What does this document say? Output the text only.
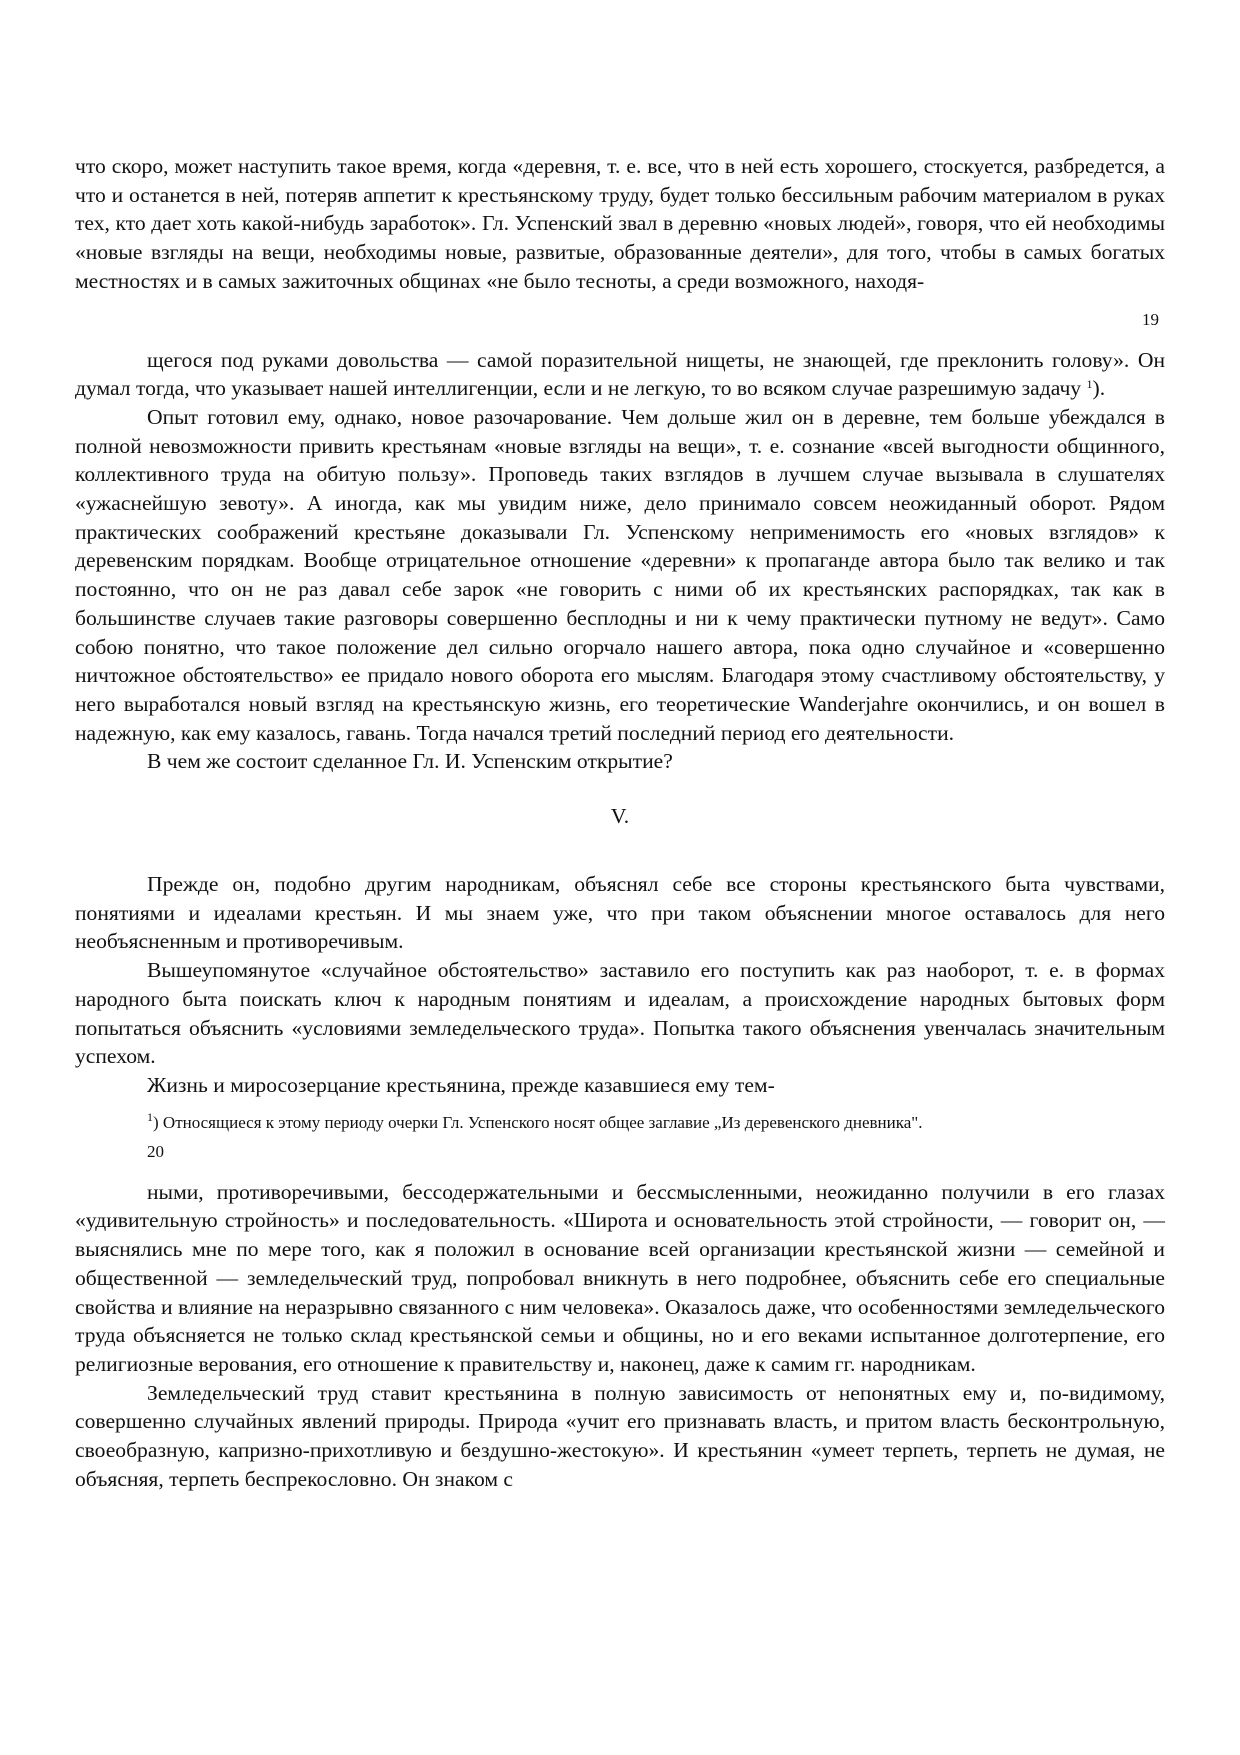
что скоро, может наступить такое время, когда «деревня, т. е. все, что в ней есть хорошего, стоскуется, разбредется, а что и останется в ней, потеряв аппетит к крестьянскому труду, будет только бессильным рабочим материалом в руках тех, кто дает хоть какой-нибудь заработок». Гл. Успенский звал в деревню «новых людей», говоря, что ей необходимы «новые взгляды на вещи, необходимы новые, развитые, образованные деятели», для того, чтобы в самых богатых местностях и в самых зажиточных общинах «не было тесноты, а среди возможного, находя-

19

щегося под руками довольства — самой поразительной нищеты, не знающей, где преклонить голову». Он думал тогда, что указывает нашей интеллигенции, если и не легкую, то во всяком случае разрешимую задачу $^1$).

Опыт готовил ему, однако, новое разочарование. Чем дольше жил он в деревне, тем больше убеждался в полной невозможности привить крестьянам «новые взгляды на вещи», т. е. сознание «всей выгодности общинного, коллективного труда на обитую пользу». Проповедь таких взглядов в лучшем случае вызывала в слушателях «ужаснейшую зевоту». А иногда, как мы увидим ниже, дело принимало совсем неожиданный оборот. Рядом практических соображений крестьяне доказывали Гл. Успенскому неприменимость его «новых взглядов» к деревенским порядкам. Вообще отрицательное отношение «деревни» к пропаганде автора было так велико и так постоянно, что он не раз давал себе зарок «не говорить с ними об их крестьянских распорядках, так как в большинстве случаев такие разговоры совершенно бесплодны и ни к чему практически путному не ведут». Само собою понятно, что такое положение дел сильно огорчало нашего автора, пока одно случайное и «совершенно ничтожное обстоятельство» ее придало нового оборота его мыслям. Благодаря этому счастливому обстоятельству, у него выработался новый взгляд на крестьянскую жизнь, его теоретические Wanderjahre окончились, и он вошел в надежную, как ему казалось, гавань. Тогда начался третий последний период его деятельности.

В чем же состоит сделанное Гл. И. Успенским открытие?

V.

Прежде он, подобно другим народникам, объяснял себе все стороны крестьянского быта чувствами, понятиями и идеалами крестьян. И мы знаем уже, что при таком объяснении многое оставалось для него необъясненным и противоречивым.

Вышеупомянутое «случайное обстоятельство» заставило его поступить как раз наоборот, т. е. в формах народного быта поискать ключ к народным понятиям и идеалам, а происхождение народных бытовых форм попытаться объяснить «условиями земледельческого труда». Попытка такого объяснения увенчалась значительным успехом.

Жизнь и миросозерцание крестьянина, прежде казавшиеся ему тем-

$^1$) Относящиеся к этому периоду очерки Гл. Успенского носят общее заглавие „Из деревенского дневника".
20

ными, противоречивыми, бессодержательными и бессмысленными, неожиданно получили в его глазах «удивительную стройность» и последовательность. «Широта и основательность этой стройности, — говорит он, — выяснялись мне по мере того, как я положил в основание всей организации крестьянской жизни — семейной и общественной — земледельческий труд, попробовал вникнуть в него подробнее, объяснить себе его специальные свойства и влияние на неразрывно связанного с ним человека». Оказалось даже, что особенностями земледельческого труда объясняется не только склад крестьянской семьи и общины, но и его веками испытанное долготерпение, его религиозные верования, его отношение к правительству и, наконец, даже к самим гг. народникам.

Земледельческий труд ставит крестьянина в полную зависимость от непонятных ему и, по-видимому, совершенно случайных явлений природы. Природа «учит его признавать власть, и притом власть бесконтрольную, своеобразную, капризно-прихотливую и бездушно-жестокую». И крестьянин «умеет терпеть, терпеть не думая, не объясняя, терпеть беспрекословно. Он знаком с
